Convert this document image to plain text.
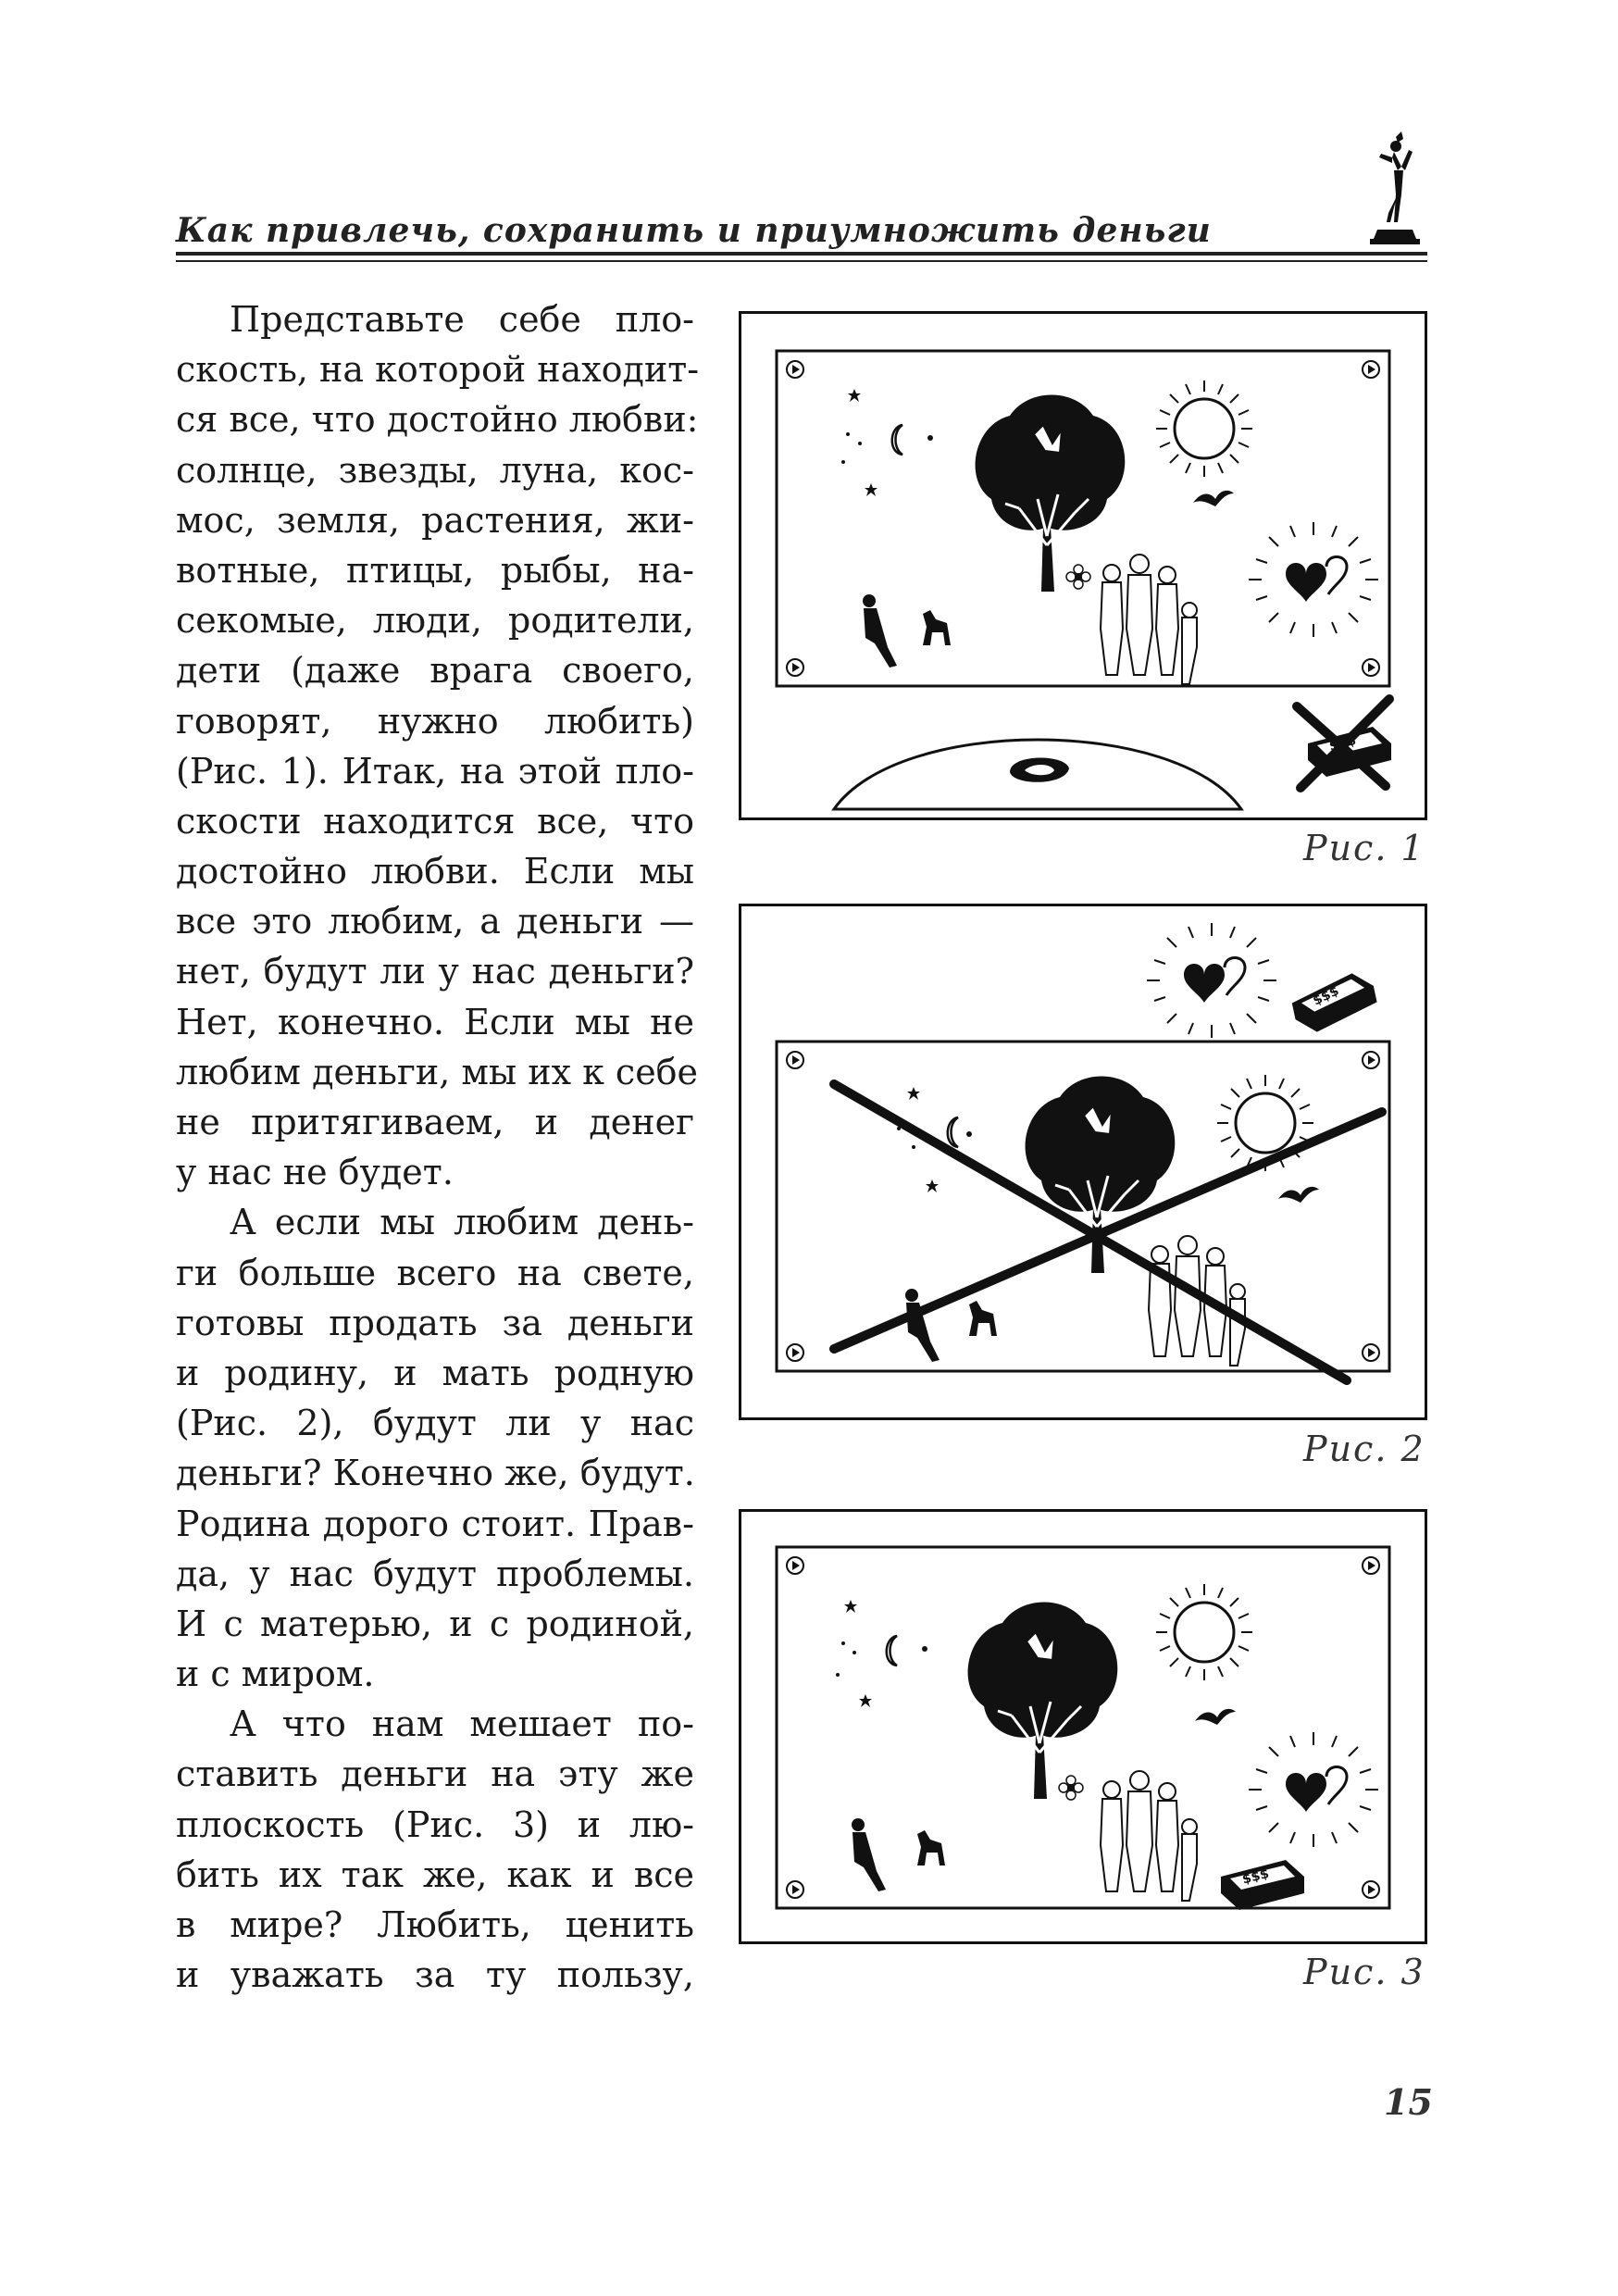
Как привлечь, сохранить и приумножить деньги
Представьте себе пло-
скость, на которой находит-
ся все, что достойно любви:
солнце, звезды, луна, кос-
мос, земля, растения, жи-
вотные, птицы, рыбы, на-
секомые, люди, родители,
дети (даже врага своего,
говорят, нужно любить)
(Рис. 1). Итак, на этой пло-
скости находится все, что
достойно любви. Если мы
все это любим, а деньги —
нет, будут ли у нас деньги?
Нет, конечно. Если мы не
любим деньги, мы их к себе
не притягиваем, и денег
у нас не будет.
А если мы любим день-
ги больше всего на свете,
готовы продать за деньги
и родину, и мать родную
(Рис. 2), будут ли у нас
деньги? Конечно же, будут.
Родина дорого стоит. Прав-
да, у нас будут проблемы.
И с матерью, и с родиной,
и с миром.
А что нам мешает по-
ставить деньги на эту же
плоскость (Рис. 3) и лю-
бить их так же, как и все
в мире? Любить, ценить
и уважать за ту пользу,
Рис. 1
Рис. 2
Рис. 3
15
